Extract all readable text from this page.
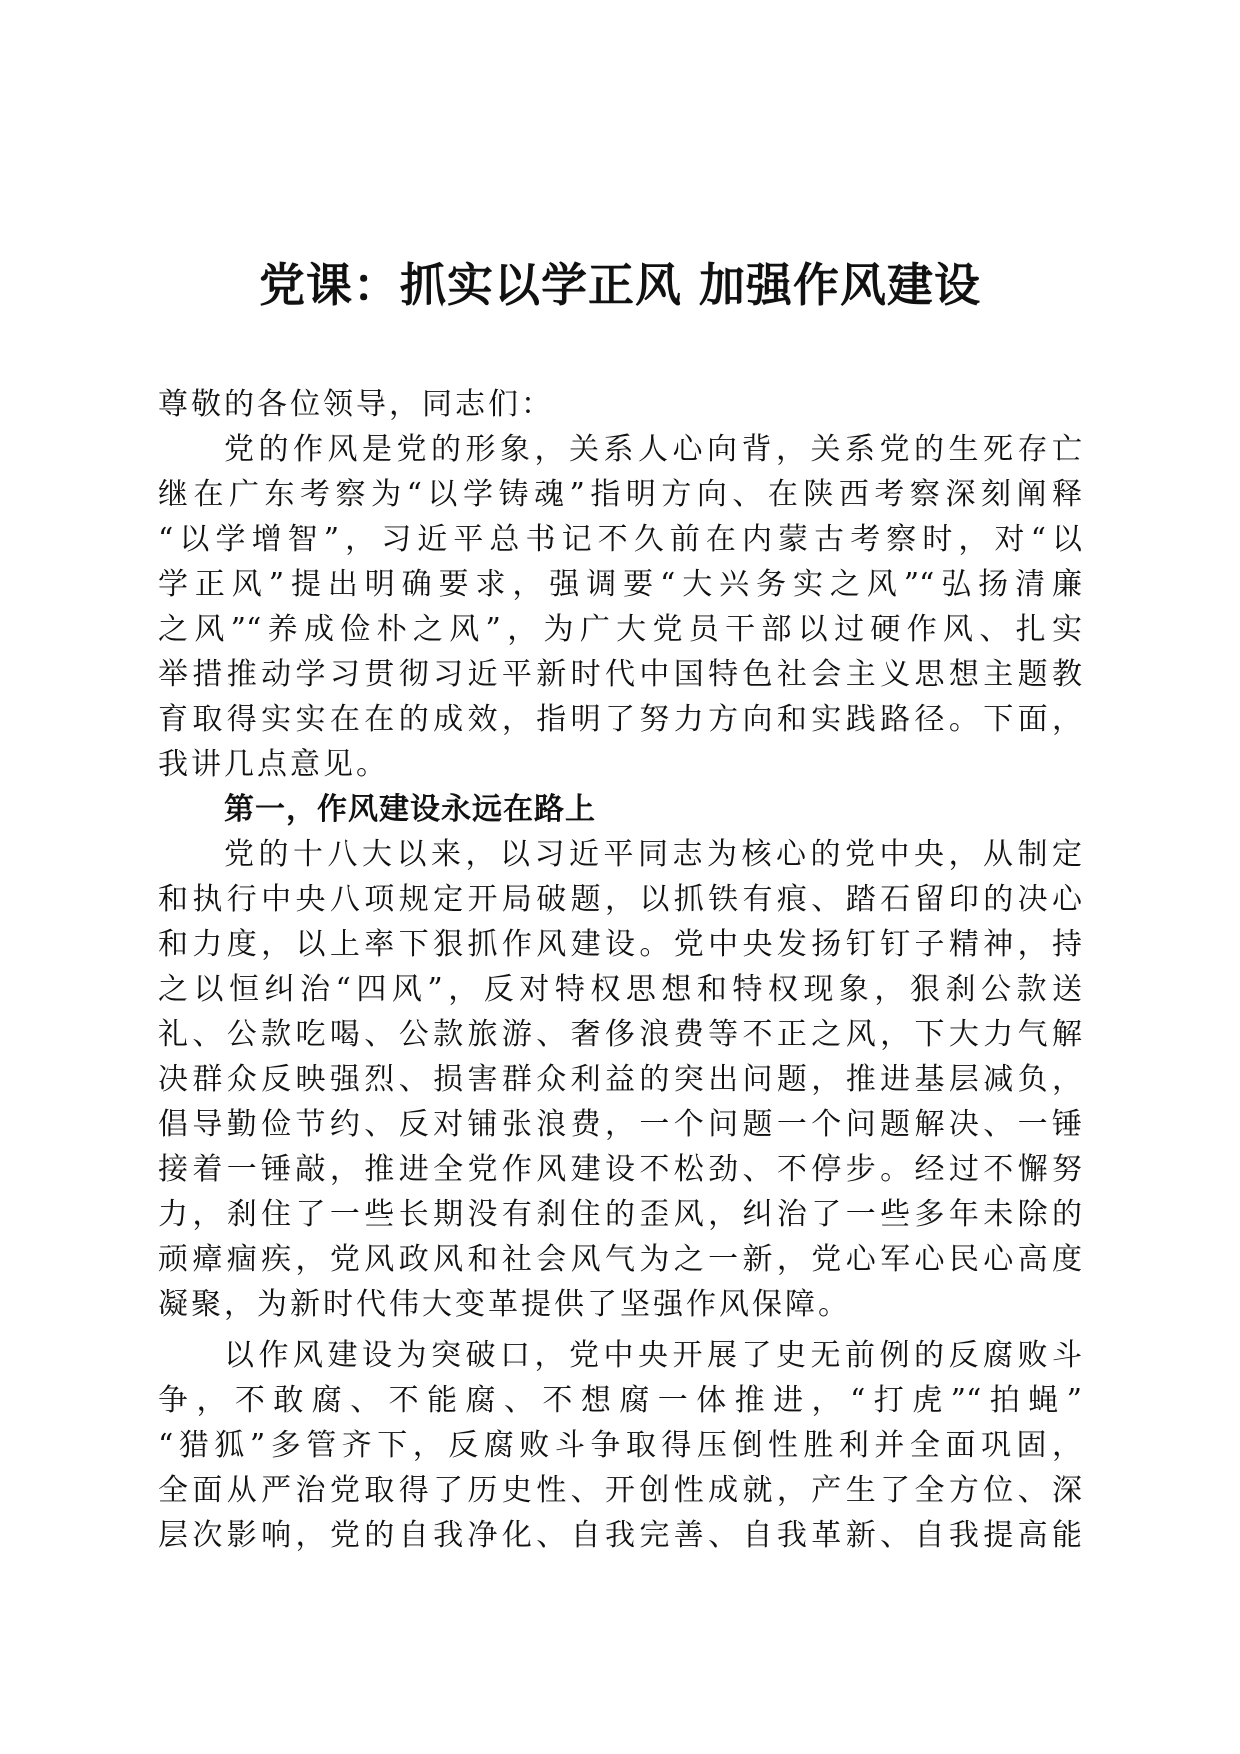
党课：抓实以学正风 加强作风建设
尊敬的各位领导，同志们：
党的作风是党的形象，关系人心向背，关系党的生死存亡
继在广东考察为“以学铸魂”指明方向、在陕西考察深刻阐释
“以学增智”，习近平总书记不久前在内蒙古考察时，对“以
学正风”提出明确要求，强调要“大兴务实之风”“弘扬清廉
之风”“养成俭朴之风”，为广大党员干部以过硬作风、扎实
举措推动学习贯彻习近平新时代中国特色社会主义思想主题教
育取得实实在在的成效，指明了努力方向和实践路径。下面，
我讲几点意见。
第一，作风建设永远在路上
党的十八大以来，以习近平同志为核心的党中央，从制定
和执行中央八项规定开局破题，以抓铁有痕、踏石留印的决心
和力度，以上率下狠抓作风建设。党中央发扬钉钉子精神，持
之以恒纠治“四风”，反对特权思想和特权现象，狠刹公款送
礼、公款吃喝、公款旅游、奢侈浪费等不正之风，下大力气解
决群众反映强烈、损害群众利益的突出问题，推进基层减负，
倡导勤俭节约、反对铺张浪费，一个问题一个问题解决、一锤
接着一锤敲，推进全党作风建设不松劲、不停步。经过不懈努
力，刹住了一些长期没有刹住的歪风，纠治了一些多年未除的
顽瘴痼疾，党风政风和社会风气为之一新，党心军心民心高度
凝聚，为新时代伟大变革提供了坚强作风保障。
以作风建设为突破口，党中央开展了史无前例的反腐败斗
争，不敢腐、不能腐、不想腐一体推进，“打虎”“拍蝇”
“猎狐”多管齐下，反腐败斗争取得压倒性胜利并全面巩固，
全面从严治党取得了历史性、开创性成就，产生了全方位、深
层次影响，党的自我净化、自我完善、自我革新、自我提高能
